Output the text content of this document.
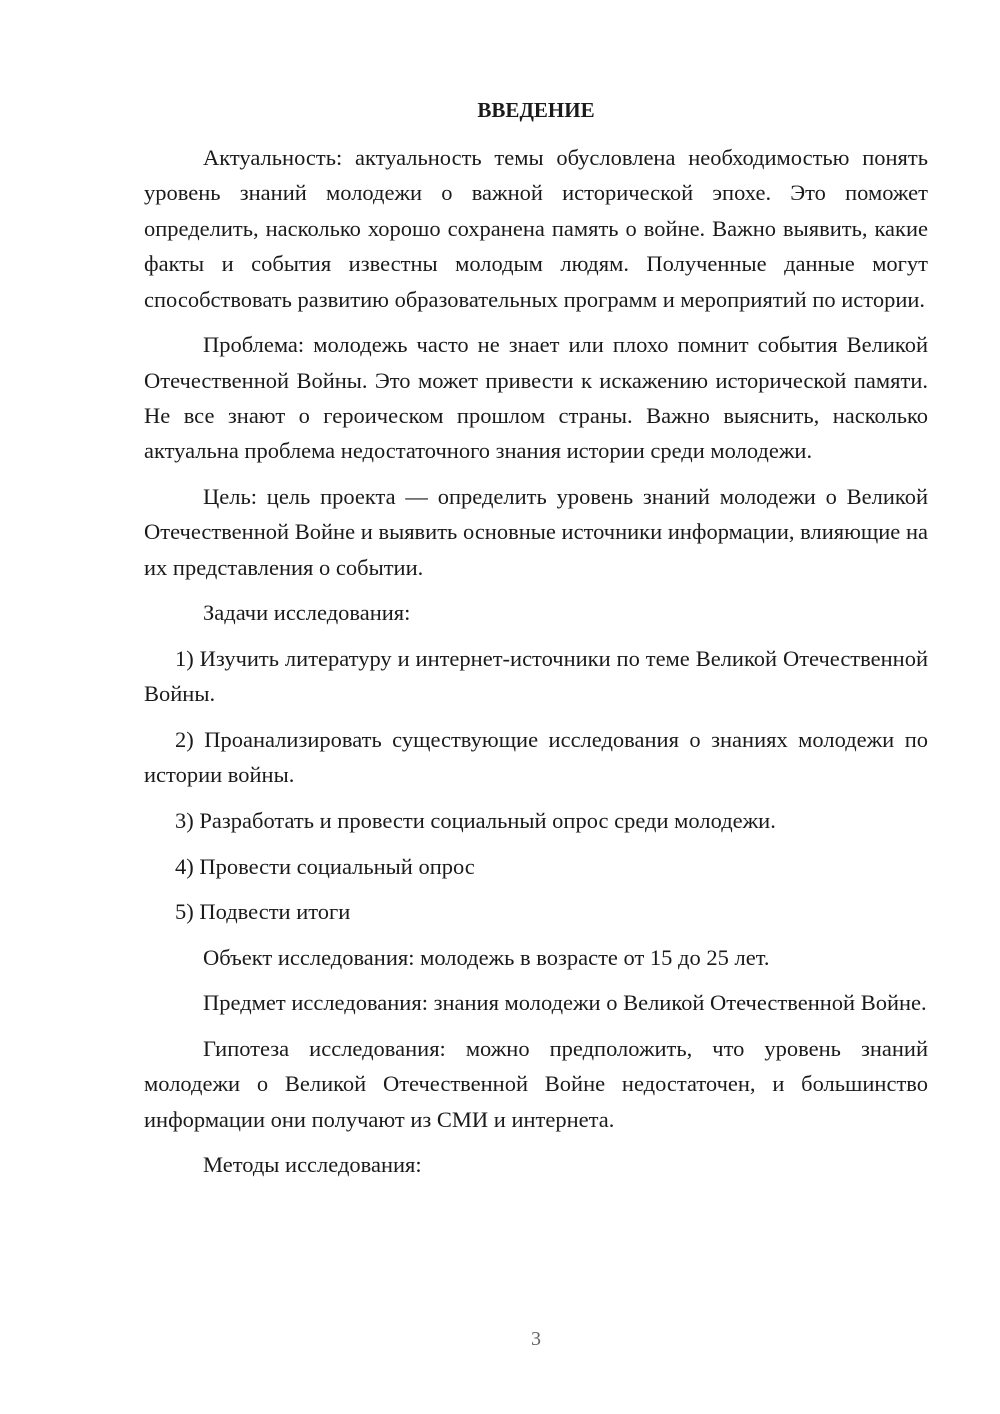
ВВЕДЕНИЕ

Актуальность: актуальность темы обусловлена необходимостью понять уровень знаний молодежи о важной исторической эпохе. Это поможет определить, насколько хорошо сохранена память о войне. Важно выявить, какие факты и события известны молодым людям. Полученные данные могут способствовать развитию образовательных программ и мероприятий по истории.

Проблема: молодежь часто не знает или плохо помнит события Великой Отечественной Войны. Это может привести к искажению исторической памяти. Не все знают о героическом прошлом страны. Важно выяснить, насколько актуальна проблема недостаточного знания истории среди молодежи.

Цель: цель проекта — определить уровень знаний молодежи о Великой Отечественной Войне и выявить основные источники информации, влияющие на их представления о событии.

Задачи исследования:

1) Изучить литературу и интернет-источники по теме Великой Отечественной Войны.

2) Проанализировать существующие исследования о знаниях молодежи по истории войны.

3) Разработать и провести социальный опрос среди молодежи.

4) Провести социальный опрос

5) Подвести итоги

Объект исследования: молодежь в возрасте от 15 до 25 лет.

Предмет исследования: знания молодежи о Великой Отечественной Войне.

Гипотеза исследования: можно предположить, что уровень знаний молодежи о Великой Отечественной Войне недостаточен, и большинство информации они получают из СМИ и интернета.

Методы исследования:

3
